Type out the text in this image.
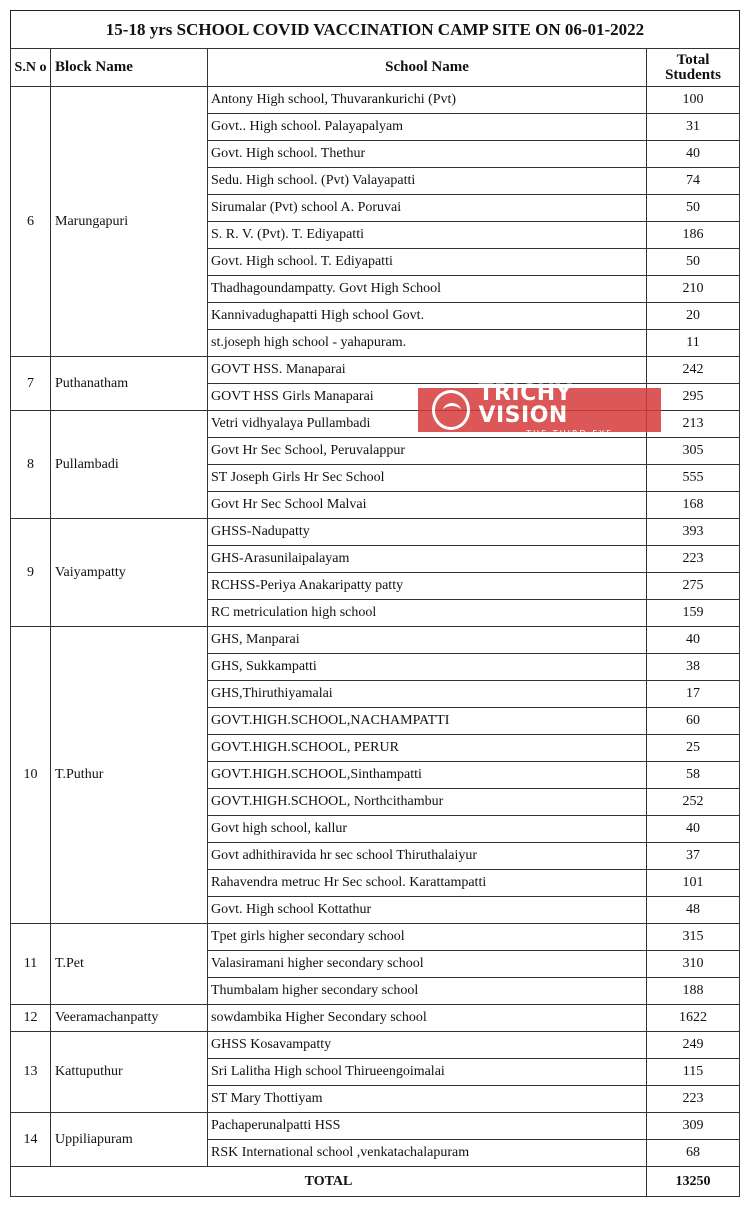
15-18 yrs SCHOOL COVID VACCINATION CAMP SITE ON 06-01-2022
S.N o	Block Name	School Name	Total Students
6	Marungapuri	Antony High school, Thuvarankurichi (Pvt)	100
		Govt.. High school. Palayapalyam	31
		Govt. High school. Thethur	40
		Sedu. High school. (Pvt) Valayapatti	74
		Sirumalar (Pvt) school A. Poruvai	50
		S. R. V. (Pvt). T. Ediyapatti	186
		Govt. High school. T. Ediyapatti	50
		Thadhagoundampatty. Govt High School	210
		Kannivadughapatti High school Govt.	20
		st.joseph high school - yahapuram.	11
7	Puthanatham	GOVT HSS. Manaparai	242
		GOVT HSS Girls Manaparai	295
8	Pullambadi	Vetri vidhyalaya Pullambadi	213
		Govt Hr Sec School, Peruvalappur	305
		ST Joseph Girls Hr Sec School	555
		Govt Hr Sec School Malvai	168
9	Vaiyampatty	GHSS-Nadupatty	393
		GHS-Arasunilaipalayam	223
		RCHSS-Periya Anakaripatty patty	275
		RC metriculation high school	159
10	T.Puthur	GHS, Manparai	40
		GHS, Sukkampatti	38
		GHS,Thiruthiyamalai	17
		GOVT.HIGH.SCHOOL,NACHAMPATTI	60
		GOVT.HIGH.SCHOOL, PERUR	25
		GOVT.HIGH.SCHOOL,Sinthampatti	58
		GOVT.HIGH.SCHOOL, Northcithambur	252
		Govt high school, kallur	40
		Govt adhithiravida hr sec school Thiruthalaiyur	37
		Rahavendra metruc Hr Sec school. Karattampatti	101
		Govt. High school Kottathur	48
11	T.Pet	Tpet girls higher secondary school	315
		Valasiramani higher secondary school	310
		Thumbalam higher secondary school	188
12	Veeramachanpatty	sowdambika Higher Secondary school	1622
13	Kattuputhur	GHSS Kosavampatty	249
		Sri Lalitha High school Thirueengoimalai	115
		ST Mary Thottiyam	223
14	Uppiliapuram	Pachaperunalpatti HSS	309
		RSK International school ,venkatachalapuram	68
TOTAL			13250
TRICHY VISION
THE THIRD EYE
